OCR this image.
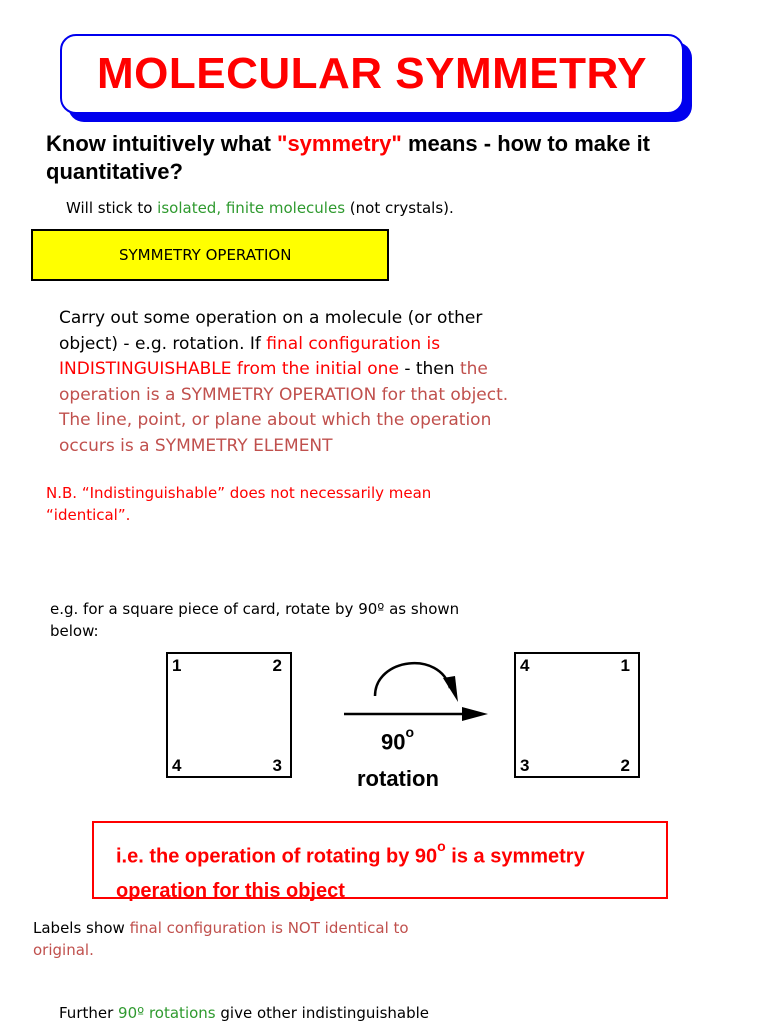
MOLECULAR SYMMETRY
Know intuitively what "symmetry" means - how to make it quantitative?
Will stick to isolated, finite molecules (not crystals).
SYMMETRY OPERATION
Carry out some operation on a molecule (or other object) - e.g. rotation. If final configuration is INDISTINGUISHABLE from the initial one - then the operation is a SYMMETRY OPERATION for that object. The line, point, or plane about which the operation occurs is a SYMMETRY ELEMENT
N.B. “Indistinguishable” does not necessarily mean “identical”.
e.g. for a square piece of card, rotate by 90º as shown below:
1	2
4	3
90$^o$
rotation
4	1
3	2
i.e. the operation of rotating by 90$^o$ is a symmetry operation for this object
Labels show final configuration is NOT identical to original.
Further 90º rotations give other indistinguishable
